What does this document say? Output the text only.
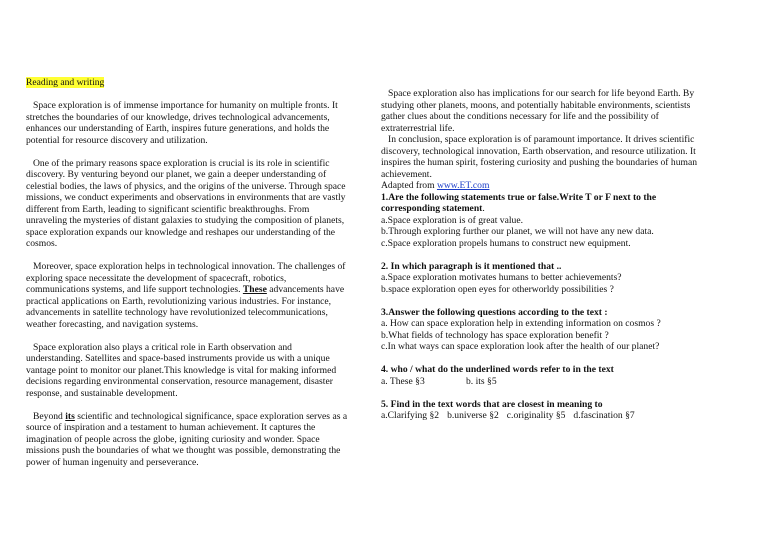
Reading and writing

Space exploration is of immense importance for humanity on multiple fronts. It stretches the boundaries of our knowledge, drives technological advancements, enhances our understanding of Earth, inspires future generations, and holds the potential for resource discovery and utilization.

One of the primary reasons space exploration is crucial is its role in scientific discovery. By venturing beyond our planet, we gain a deeper understanding of celestial bodies, the laws of physics, and the origins of the universe. Through space missions, we conduct experiments and observations in environments that are vastly different from Earth, leading to significant scientific breakthroughs. From unraveling the mysteries of distant galaxies to studying the composition of planets, space exploration expands our knowledge and reshapes our understanding of the cosmos.

Moreover, space exploration helps in technological innovation. The challenges of exploring space necessitate the development of spacecraft, robotics, communications systems, and life support technologies. These advancements have practical applications on Earth, revolutionizing various industries. For instance, advancements in satellite technology have revolutionized telecommunications, weather forecasting, and navigation systems.

Space exploration also plays a critical role in Earth observation and understanding. Satellites and space-based instruments provide us with a unique vantage point to monitor our planet.This knowledge is vital for making informed decisions regarding environmental conservation, resource management, disaster response, and sustainable development.

Beyond its scientific and technological significance, space exploration serves as a source of inspiration and a testament to human achievement. It captures the imagination of people across the globe, igniting curiosity and wonder. Space missions push the boundaries of what we thought was possible, demonstrating the power of human ingenuity and perseverance.

Space exploration also has implications for our search for life beyond Earth. By studying other planets, moons, and potentially habitable environments, scientists gather clues about the conditions necessary for life and the possibility of extraterrestrial life.

In conclusion, space exploration is of paramount importance. It drives scientific discovery, technological innovation, Earth observation, and resource utilization. It inspires the human spirit, fostering curiosity and pushing the boundaries of human achievement.

Adapted from www.ET.com

1.Are the following statements true or false.Write T or F next to the corresponding statement.

a.Space exploration is of great value.

b.Through exploring further our planet, we will not have any new data.

c.Space exploration propels humans to construct new equipment.

2. In which paragraph is it mentioned that ..

a.Space exploration motivates humans to better achievements?

b.space exploration open eyes for otherworldy possibilities ?

3.Answer the following questions according to the text :

a. How can space exploration help in extending information on cosmos ?

b.What fields of technology has space exploration benefit ?

c.In what ways can space exploration look after the health of our planet?

4. who / what do the underlined words refer to in the text

a. These §3	b. its §5

5. Find in the text words that are closest in meaning to

a.Clarifying §2 b.universe §2 c.originality §5 d.fascination §7
